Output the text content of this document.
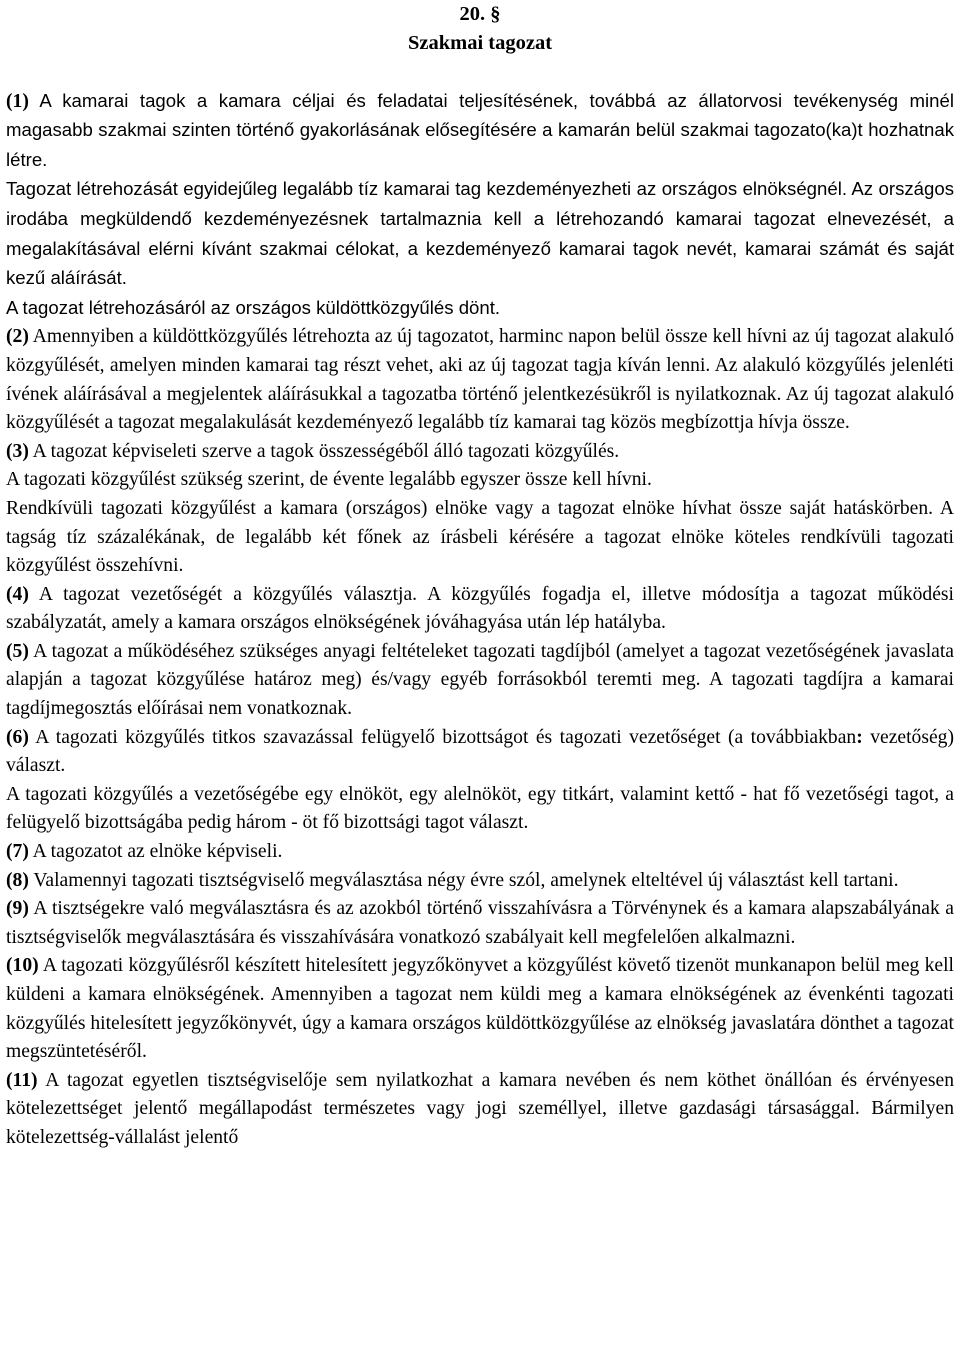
20. §
Szakmai tagozat

(1) A kamarai tagok a kamara céljai és feladatai teljesítésének, továbbá az állatorvosi tevékenység minél magasabb szakmai szinten történő gyakorlásának elősegítésére a kamarán belül szakmai tagozato(ka)t hozhatnak létre.

Tagozat létrehozását egyidejűleg legalább tíz kamarai tag kezdeményezheti az országos elnökségnél. Az országos irodába megküldendő kezdeményezésnek tartalmaznia kell a létrehozandó kamarai tagozat elnevezését, a megalakításával elérni kívánt szakmai célokat, a kezdeményező kamarai tagok nevét, kamarai számát és saját kezű aláírását.

A tagozat létrehozásáról az országos küldöttközgyűlés dönt.

(2) Amennyiben a küldöttközgyűlés létrehozta az új tagozatot, harminc napon belül össze kell hívni az új tagozat alakuló közgyűlését, amelyen minden kamarai tag részt vehet, aki az új tagozat tagja kíván lenni. Az alakuló közgyűlés jelenléti ívének aláírásával a megjelentek aláírásukkal a tagozatba történő jelentkezésükről is nyilatkoznak. Az új tagozat alakuló közgyűlését a tagozat megalakulását kezdeményező legalább tíz kamarai tag közös megbízottja hívja össze.

(3) A tagozat képviseleti szerve a tagok összességéből álló tagozati közgyűlés.

A tagozati közgyűlést szükség szerint, de évente legalább egyszer össze kell hívni.

Rendkívüli tagozati közgyűlést a kamara (országos) elnöke vagy a tagozat elnöke hívhat össze saját hatáskörben. A tagság tíz százalékának, de legalább két főnek az írásbeli kérésére a tagozat elnöke köteles rendkívüli tagozati közgyűlést összehívni.

(4) A tagozat vezetőségét a közgyűlés választja. A közgyűlés fogadja el, illetve módosítja a tagozat működési szabályzatát, amely a kamara országos elnökségének jóváhagyása után lép hatályba.

(5) A tagozat a működéséhez szükséges anyagi feltételeket tagozati tagdíjból (amelyet a tagozat vezetőségének javaslata alapján a tagozat közgyűlése határoz meg) és/vagy egyéb forrásokból teremti meg. A tagozati tagdíjra a kamarai tagdíjmegosztás előírásai nem vonatkoznak.

(6) A tagozati közgyűlés titkos szavazással felügyelő bizottságot és tagozati vezetőséget (a továbbiakban: vezetőség) választ.

A tagozati közgyűlés a vezetőségébe egy elnököt, egy alelnököt, egy titkárt, valamint kettő - hat fő vezetőségi tagot, a felügyelő bizottságába pedig három - öt fő bizottsági tagot választ.

(7) A tagozatot az elnöke képviseli.

(8) Valamennyi tagozati tisztségviselő megválasztása négy évre szól, amelynek elteltével új választást kell tartani.

(9) A tisztségekre való megválasztásra és az azokból történő visszahívásra a Törvénynek és a kamara alapszabályának a tisztségviselők megválasztására és visszahívására vonatkozó szabályait kell megfelelően alkalmazni.

(10) A tagozati közgyűlésről készített hitelesített jegyzőkönyvet a közgyűlést követő tizenöt munkanapon belül meg kell küldeni a kamara elnökségének. Amennyiben a tagozat nem küldi meg a kamara elnökségének az évenkénti tagozati közgyűlés hitelesített jegyzőkönyvét, úgy a kamara országos küldöttközgyűlése az elnökség javaslatára dönthet a tagozat megszüntetéséről.

(11) A tagozat egyetlen tisztségviselője sem nyilatkozhat a kamara nevében és nem köthet önállóan és érvényesen kötelezettséget jelentő megállapodást természetes vagy jogi személlyel, illetve gazdasági társasággal. Bármilyen kötelezettség-vállalást jelentő
